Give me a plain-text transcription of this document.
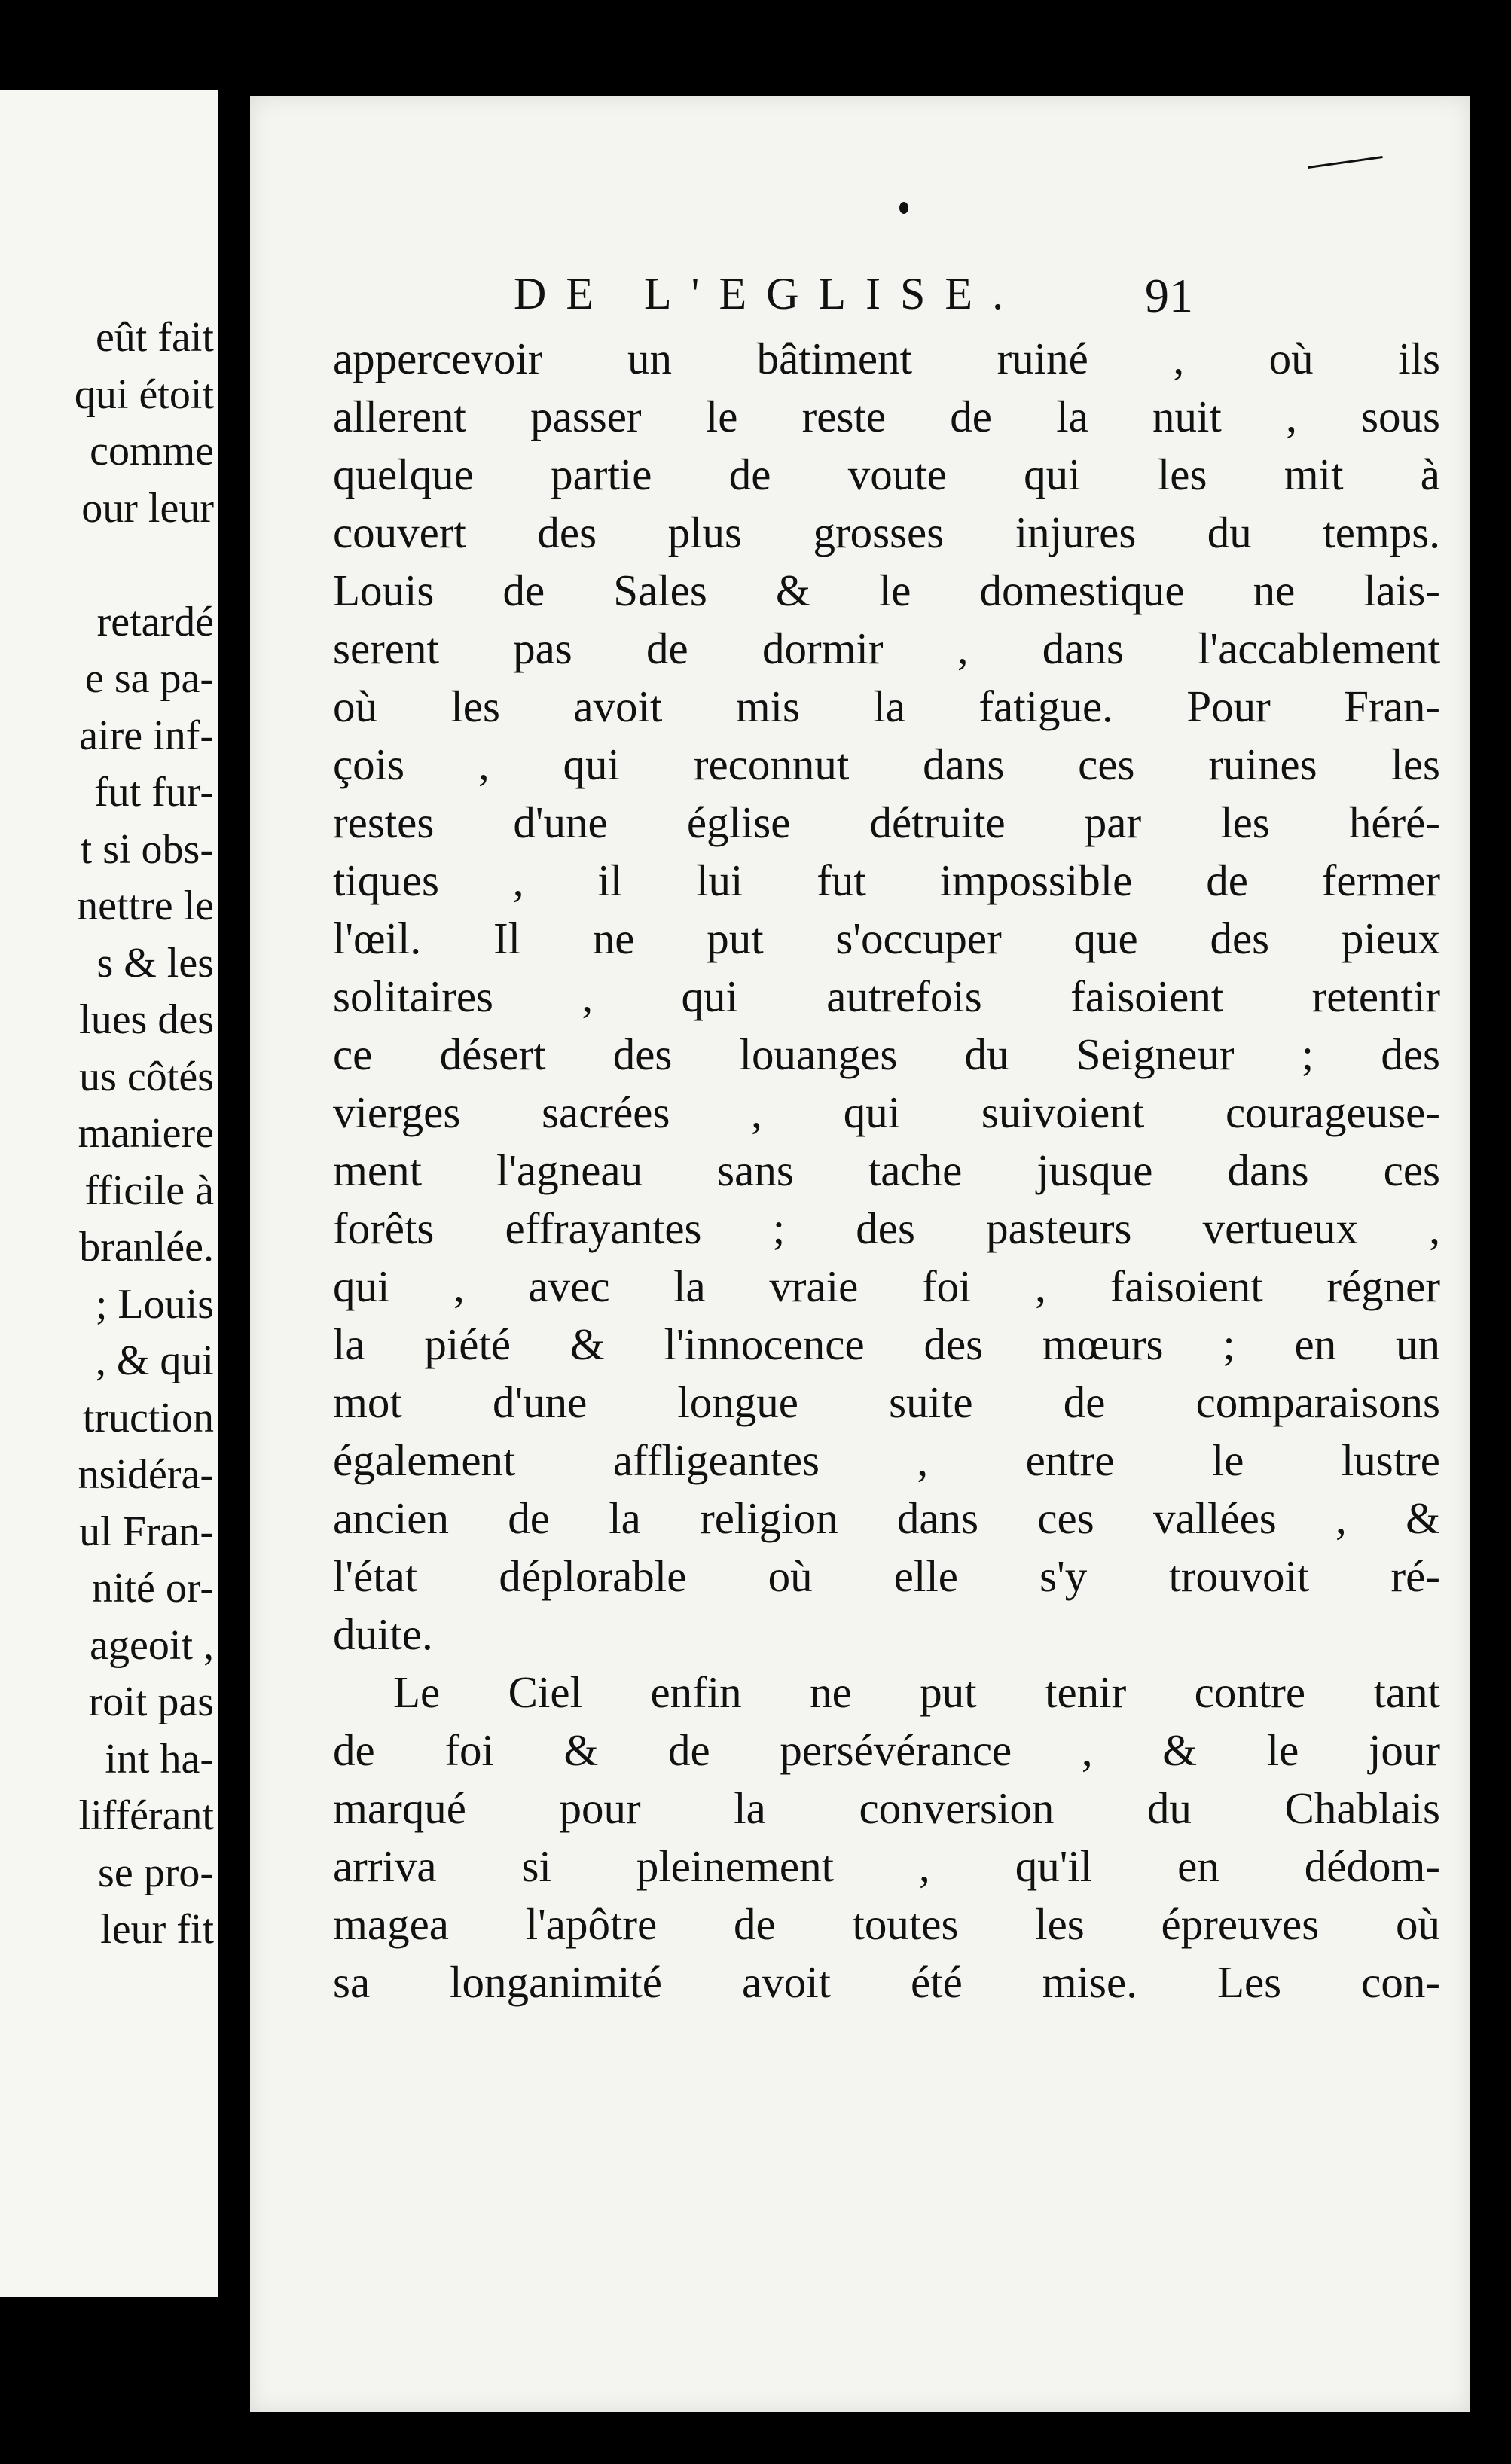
eût fait
qui étoit
comme
our leur
retardé
e sa pa-
aire inf-
fut fur-
t si obs-
nettre le
s & les
lues des
us côtés
maniere
fficile à
branlée.
; Louis
, & qui
truction
nsidéra-
ul Fran-
nité or-
ageoit ,
roit pas
int ha-
lifférant
se pro-
leur fit
DE L'EGLISE.	91
appercevoir un bâtiment ruiné , où ils
allerent passer le reste de la nuit , sous
quelque partie de voute qui les mit à
couvert des plus grosses injures du temps.
Louis de Sales & le domestique ne lais-
serent pas de dormir , dans l'accablement
où les avoit mis la fatigue. Pour Fran-
çois , qui reconnut dans ces ruines les
restes d'une église détruite par les héré-
tiques , il lui fut impossible de fermer
l'œil. Il ne put s'occuper que des pieux
solitaires , qui autrefois faisoient retentir
ce désert des louanges du Seigneur ; des
vierges sacrées , qui suivoient courageuse-
ment l'agneau sans tache jusque dans ces
forêts effrayantes ; des pasteurs vertueux ,
qui , avec la vraie foi , faisoient régner
la piété & l'innocence des mœurs ; en un
mot d'une longue suite de comparaisons
également affligeantes , entre le lustre
ancien de la religion dans ces vallées , &
l'état déplorable où elle s'y trouvoit ré-
duite.
Le Ciel enfin ne put tenir contre tant
de foi & de persévérance , & le jour
marqué pour la conversion du Chablais
arriva si pleinement , qu'il en dédom-
magea l'apôtre de toutes les épreuves où
sa longanimité avoit été mise. Les con-
